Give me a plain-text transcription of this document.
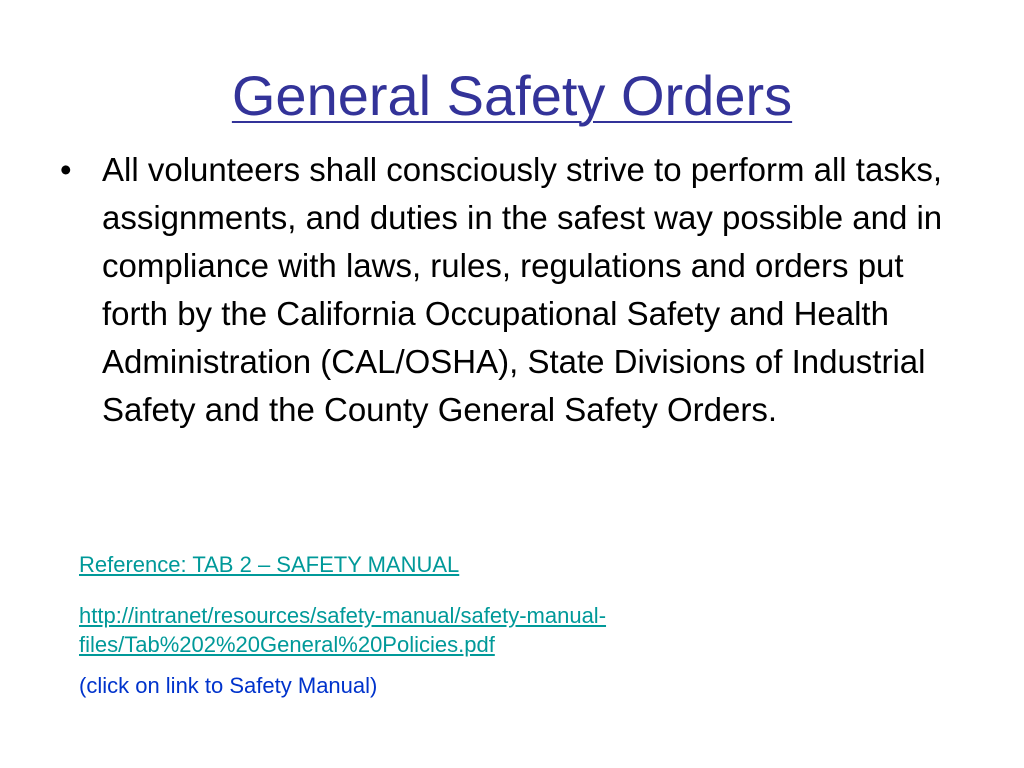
General Safety Orders
• All volunteers shall consciously strive to perform all tasks, assignments, and duties in the safest way possible and in compliance with laws, rules, regulations and orders put forth by the California Occupational Safety and Health Administration (CAL/OSHA), State Divisions of Industrial Safety and the County General Safety Orders.
Reference: TAB 2 – SAFETY MANUAL
http://intranet/resources/safety-manual/safety-manual-files/Tab%202%20General%20Policies.pdf
(click on link to Safety Manual)
